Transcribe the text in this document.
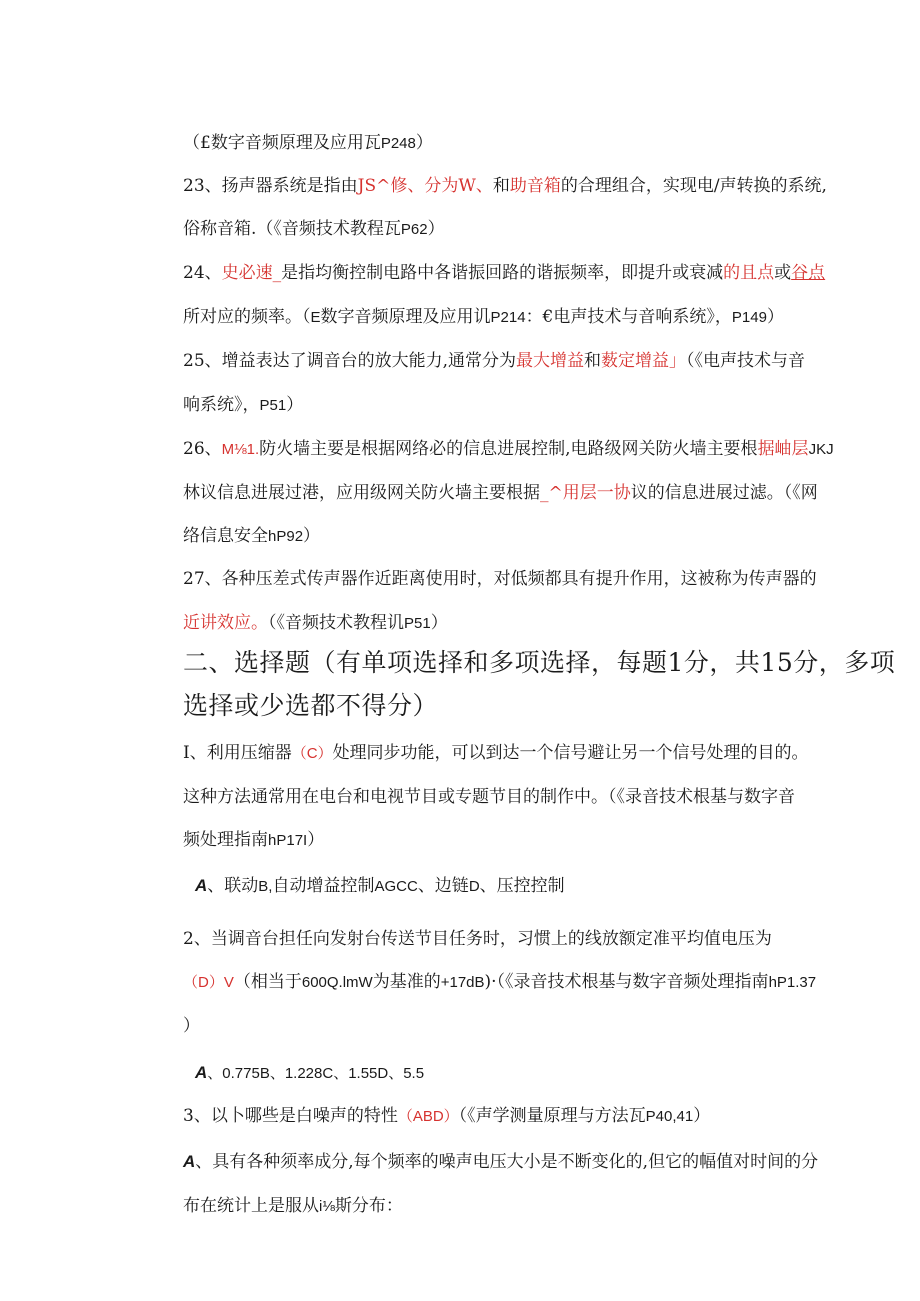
（£数字音频原理及应用瓦P248）
23、扬声器系统是指由JS^修、分为W、和助音箱的合理组合，实现电/声转换的系统,
俗称音箱.（《音频技术教程瓦P62）
24、史必速_是指均衡控制电路中各谐振回路的谐振频率，即提升或衰减的且点或谷点
所对应的频率。（E数字音频原理及应用讥P214：€电声技术与音响系统》，P149）
25、增益表达了调音台的放大能力,通常分为最大增益和薮定增益」（《电声技术与音
响系统》，P51）
26、M⅛1.防火墙主要是根据网络必的信息进展控制,电路级网关防火墙主要根据岫层JKJ
林议信息进展过港，应用级网关防火墙主要根据_^用层一协议的信息进展过滤。（《网
络信息安全hP92）
27、各种压差式传声器作近距离使用时，对低频都具有提升作用，这被称为传声器的
近讲效应。（《音频技术教程讥P51）
二、选择题（有单项选择和多项选择，每题1分，共15分，多项
选择或少选都不得分）
I、利用压缩器（C）处理同步功能，可以到达一个信号避让另一个信号处理的目的。
这种方法通常用在电台和电视节目或专题节目的制作中。（《录音技术根基与数字音
频处理指南hP17I）
A、联动B,自动增益控制AGCC、边链D、压控控制
2、当调音台担任向发射台传送节目任务时，习惯上的线放额定准平均值电压为
（D）V（相当于600Q.lmW为基准的+17dB)·（《录音技术根基与数字音频处理指南hP1.37
）
A、0.775B、1.228C、1.55D、5.5
3、以卜哪些是白噪声的特性（ABD）（《声学测量原理与方法瓦P40,41）
A、具有各种须率成分,每个频率的噪声电压大小是不断变化的,但它的幅值对时间的分
布在统计上是服从i⅛斯分布：
